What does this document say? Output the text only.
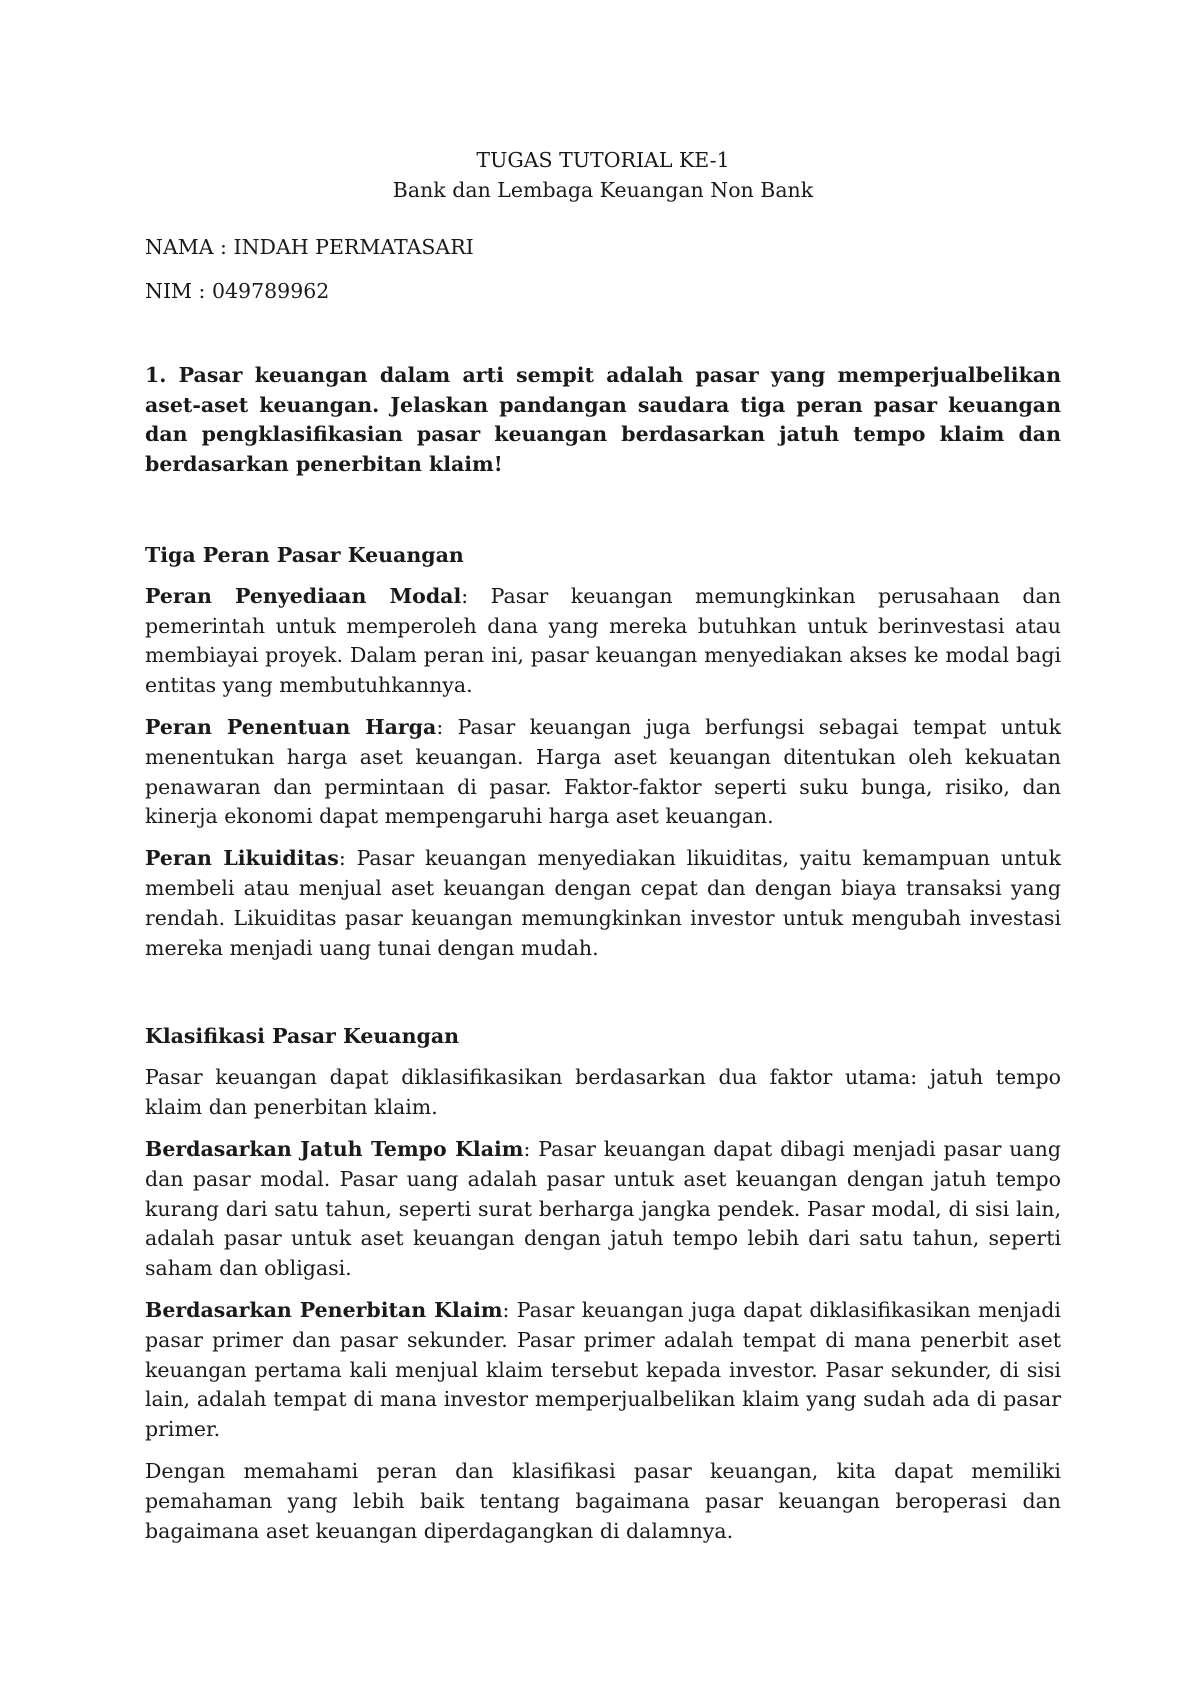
TUGAS TUTORIAL KE-1
Bank dan Lembaga Keuangan Non Bank
NAMA : INDAH PERMATASARI
NIM : 049789962
1. Pasar keuangan dalam arti sempit adalah pasar yang memperjualbelikan aset-aset keuangan. Jelaskan pandangan saudara tiga peran pasar keuangan dan pengklasifikasian pasar keuangan berdasarkan jatuh tempo klaim dan berdasarkan penerbitan klaim!
Tiga Peran Pasar Keuangan

Peran Penyediaan Modal: Pasar keuangan memungkinkan perusahaan dan pemerintah untuk memperoleh dana yang mereka butuhkan untuk berinvestasi atau membiayai proyek. Dalam peran ini, pasar keuangan menyediakan akses ke modal bagi entitas yang membutuhkannya.

Peran Penentuan Harga: Pasar keuangan juga berfungsi sebagai tempat untuk menentukan harga aset keuangan. Harga aset keuangan ditentukan oleh kekuatan penawaran dan permintaan di pasar. Faktor-faktor seperti suku bunga, risiko, dan kinerja ekonomi dapat mempengaruhi harga aset keuangan.

Peran Likuiditas: Pasar keuangan menyediakan likuiditas, yaitu kemampuan untuk membeli atau menjual aset keuangan dengan cepat dan dengan biaya transaksi yang rendah. Likuiditas pasar keuangan memungkinkan investor untuk mengubah investasi mereka menjadi uang tunai dengan mudah.

Klasifikasi Pasar Keuangan

Pasar keuangan dapat diklasifikasikan berdasarkan dua faktor utama: jatuh tempo klaim dan penerbitan klaim.

Berdasarkan Jatuh Tempo Klaim: Pasar keuangan dapat dibagi menjadi pasar uang dan pasar modal. Pasar uang adalah pasar untuk aset keuangan dengan jatuh tempo kurang dari satu tahun, seperti surat berharga jangka pendek. Pasar modal, di sisi lain, adalah pasar untuk aset keuangan dengan jatuh tempo lebih dari satu tahun, seperti saham dan obligasi.

Berdasarkan Penerbitan Klaim: Pasar keuangan juga dapat diklasifikasikan menjadi pasar primer dan pasar sekunder. Pasar primer adalah tempat di mana penerbit aset keuangan pertama kali menjual klaim tersebut kepada investor. Pasar sekunder, di sisi lain, adalah tempat di mana investor memperjualbelikan klaim yang sudah ada di pasar primer.

Dengan memahami peran dan klasifikasi pasar keuangan, kita dapat memiliki pemahaman yang lebih baik tentang bagaimana pasar keuangan beroperasi dan bagaimana aset keuangan diperdagangkan di dalamnya.
